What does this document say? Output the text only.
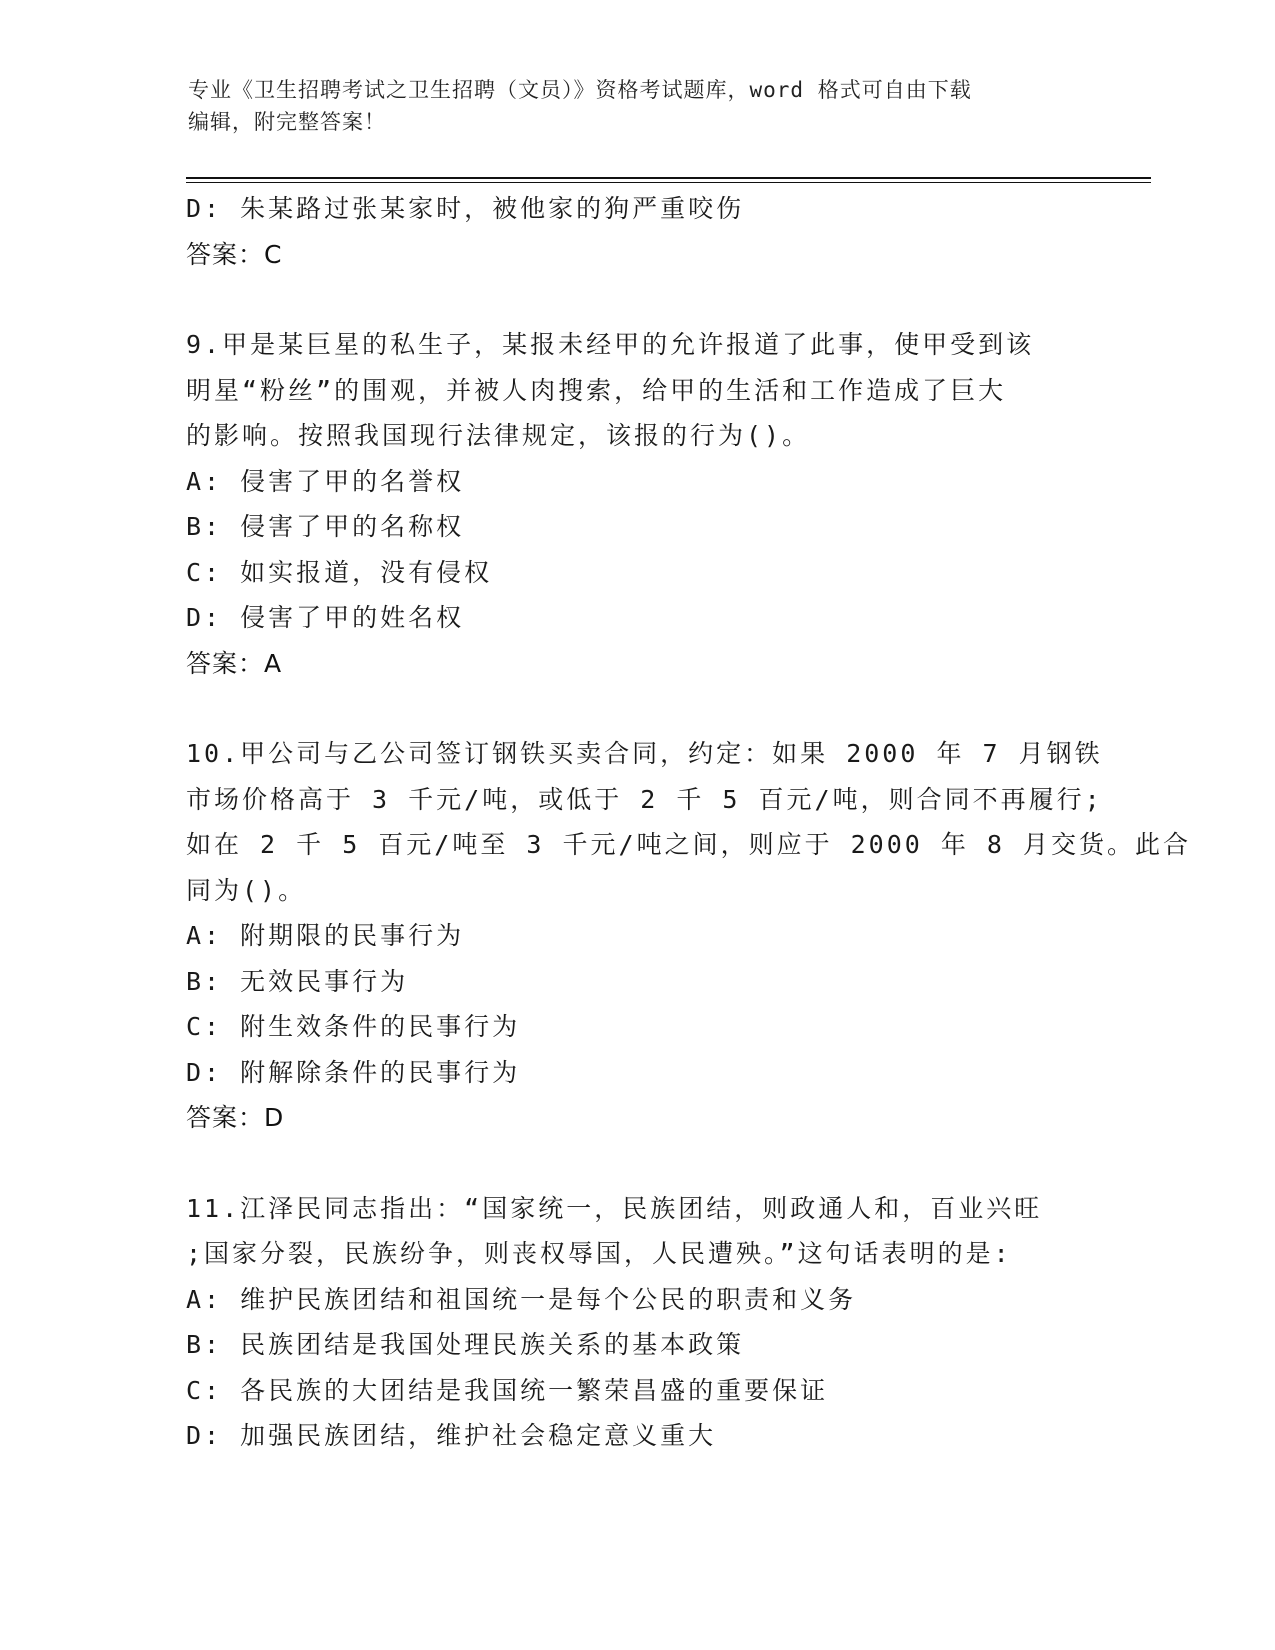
专业《卫生招聘考试之卫生招聘（文员）》资格考试题库，word 格式可自由下载
编辑，附完整答案！
D: 朱某路过张某家时，被他家的狗严重咬伤
答案：C
9.甲是某巨星的私生子，某报未经甲的允许报道了此事，使甲受到该
明星“粉丝”的围观，并被人肉搜索，给甲的生活和工作造成了巨大
的影响。按照我国现行法律规定，该报的行为()。
A: 侵害了甲的名誉权
B: 侵害了甲的名称权
C: 如实报道，没有侵权
D: 侵害了甲的姓名权
答案：A
10.甲公司与乙公司签订钢铁买卖合同，约定：如果 2000 年 7 月钢铁
市场价格高于 3 千元/吨，或低于 2 千 5 百元/吨，则合同不再履行;
如在 2 千 5 百元/吨至 3 千元/吨之间，则应于 2000 年 8 月交货。此合
同为()。
A: 附期限的民事行为
B: 无效民事行为
C: 附生效条件的民事行为
D: 附解除条件的民事行为
答案：D
11.江泽民同志指出：“国家统一，民族团结，则政通人和，百业兴旺
;国家分裂，民族纷争，则丧权辱国，人民遭殃。”这句话表明的是:
A: 维护民族团结和祖国统一是每个公民的职责和义务
B: 民族团结是我国处理民族关系的基本政策
C: 各民族的大团结是我国统一繁荣昌盛的重要保证
D: 加强民族团结，维护社会稳定意义重大
